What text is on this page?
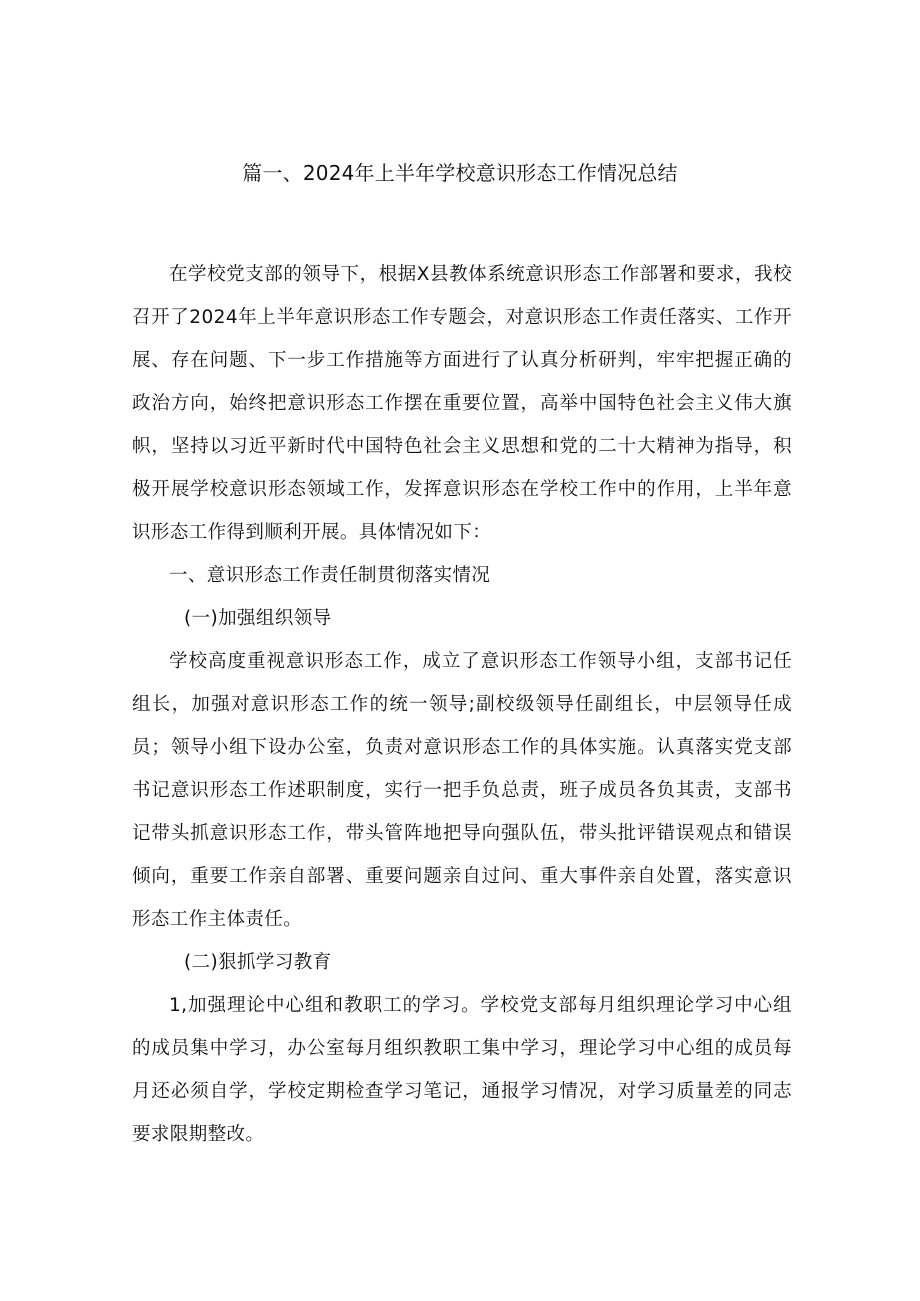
篇一、2024年上半年学校意识形态工作情况总结

在学校党支部的领导下，根据X县教体系统意识形态工作部署和要求，我校召开了2024年上半年意识形态工作专题会，对意识形态工作责任落实、工作开展、存在问题、下一步工作措施等方面进行了认真分析研判，牢牢把握正确的政治方向，始终把意识形态工作摆在重要位置，高举中国特色社会主义伟大旗帜，坚持以习近平新时代中国特色社会主义思想和党的二十大精神为指导，积极开展学校意识形态领域工作，发挥意识形态在学校工作中的作用，上半年意识形态工作得到顺利开展。具体情况如下：

一、意识形态工作责任制贯彻落实情况

(一)加强组织领导

学校高度重视意识形态工作，成立了意识形态工作领导小组，支部书记任组长，加强对意识形态工作的统一领导;副校级领导任副组长，中层领导任成员；领导小组下设办公室，负责对意识形态工作的具体实施。认真落实党支部书记意识形态工作述职制度，实行一把手负总责，班子成员各负其责，支部书记带头抓意识形态工作，带头管阵地把导向强队伍，带头批评错误观点和错误倾向，重要工作亲自部署、重要问题亲自过问、重大事件亲自处置，落实意识形态工作主体责任。

(二)狠抓学习教育

1,加强理论中心组和教职工的学习。学校党支部每月组织理论学习中心组的成员集中学习，办公室每月组织教职工集中学习，理论学习中心组的成员每月还必须自学，学校定期检查学习笔记，通报学习情况，对学习质量差的同志要求限期整改。
